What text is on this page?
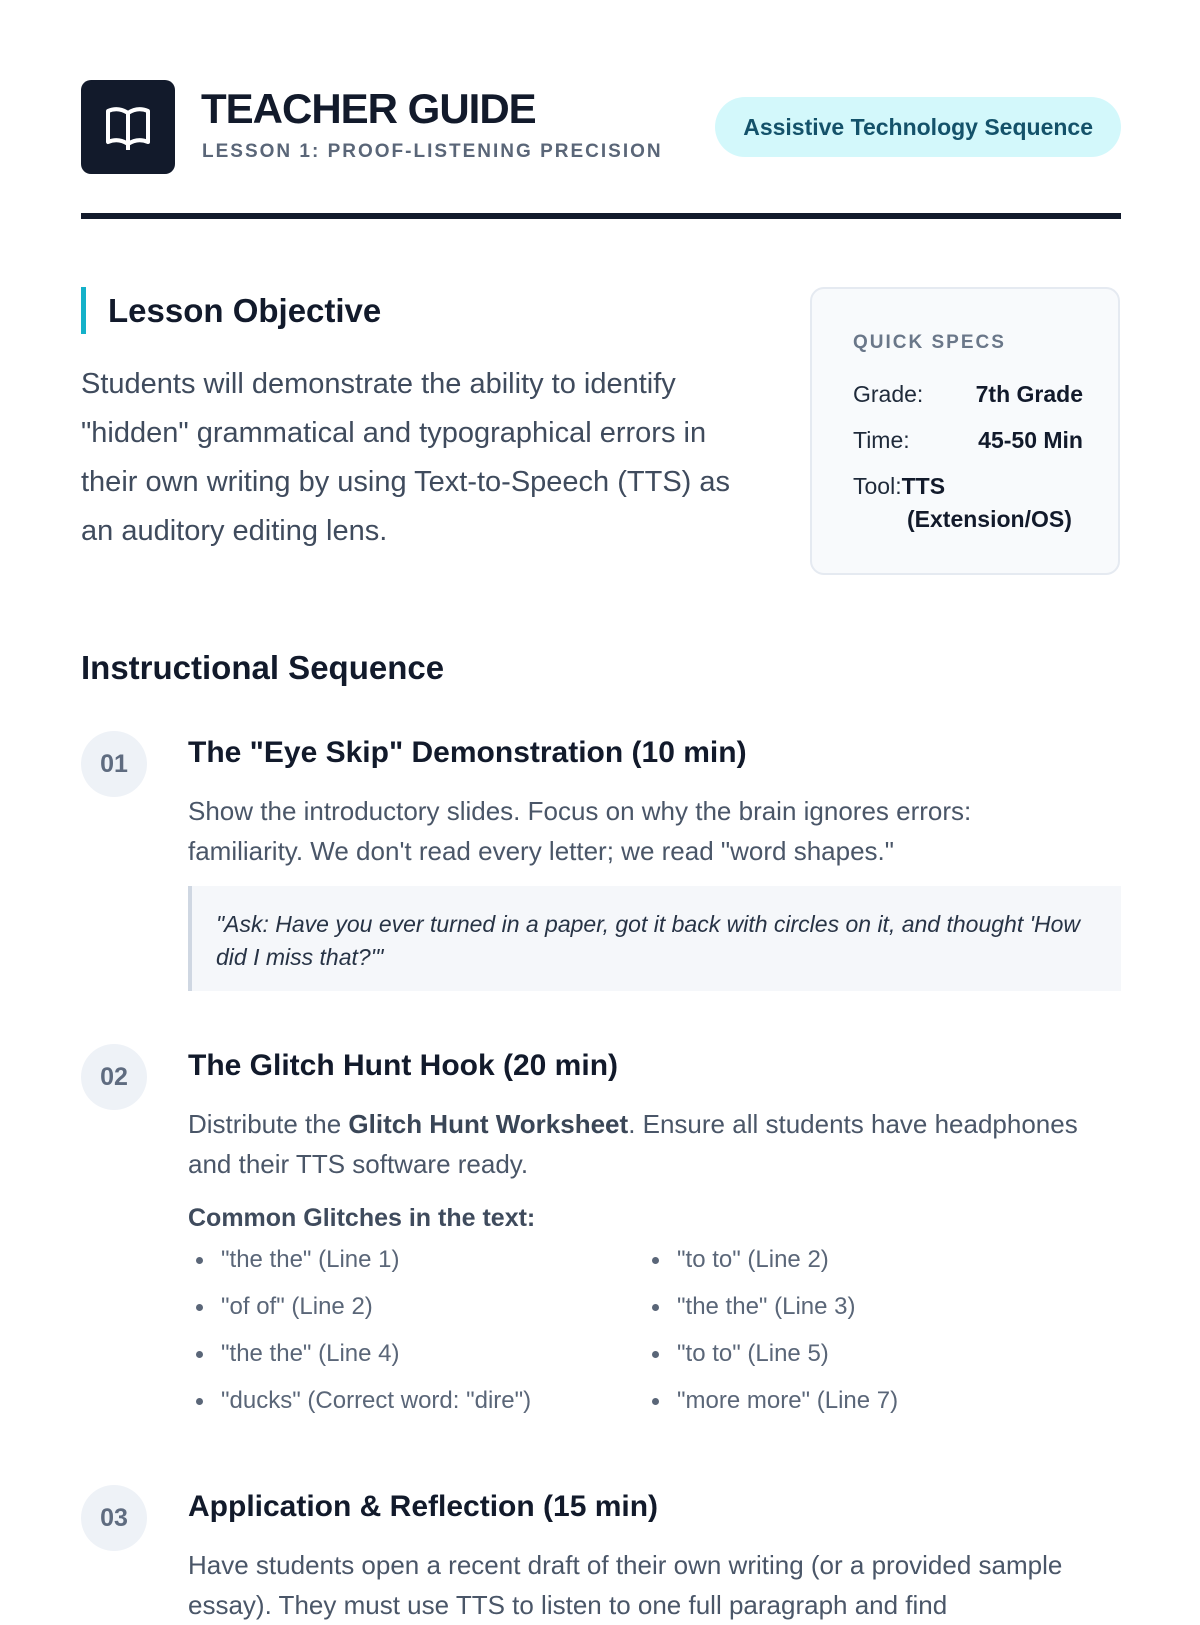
TEACHER GUIDE
LESSON 1: PROOF-LISTENING PRECISION
Assistive Technology Sequence
Lesson Objective
Students will demonstrate the ability to identify "hidden" grammatical and typographical errors in their own writing by using Text-to-Speech (TTS) as an auditory editing lens.
QUICK SPECS
Grade: 7th Grade
Time:	45-50 Min
Tool:TTS
(Extension/OS)
Instructional Sequence
01	The "Eye Skip" Demonstration (10 min)
Show the introductory slides. Focus on why the brain ignores errors: familiarity. We don't read every letter; we read "word shapes."
"Ask: Have you ever turned in a paper, got it back with circles on it, and thought 'How did I miss that?'"
02	The Glitch Hunt Hook (20 min)
Distribute the Glitch Hunt Worksheet. Ensure all students have headphones and their TTS software ready.
Common Glitches in the text:
"the the" (Line 1)	"to to" (Line 2)
"of of" (Line 2)	"the the" (Line 3)
"the the" (Line 4)	"to to" (Line 5)
"ducks" (Correct word: "dire")	"more more" (Line 7)
03	Application & Reflection (15 min)
Have students open a recent draft of their own writing (or a provided sample essay). They must use TTS to listen to one full paragraph and find
